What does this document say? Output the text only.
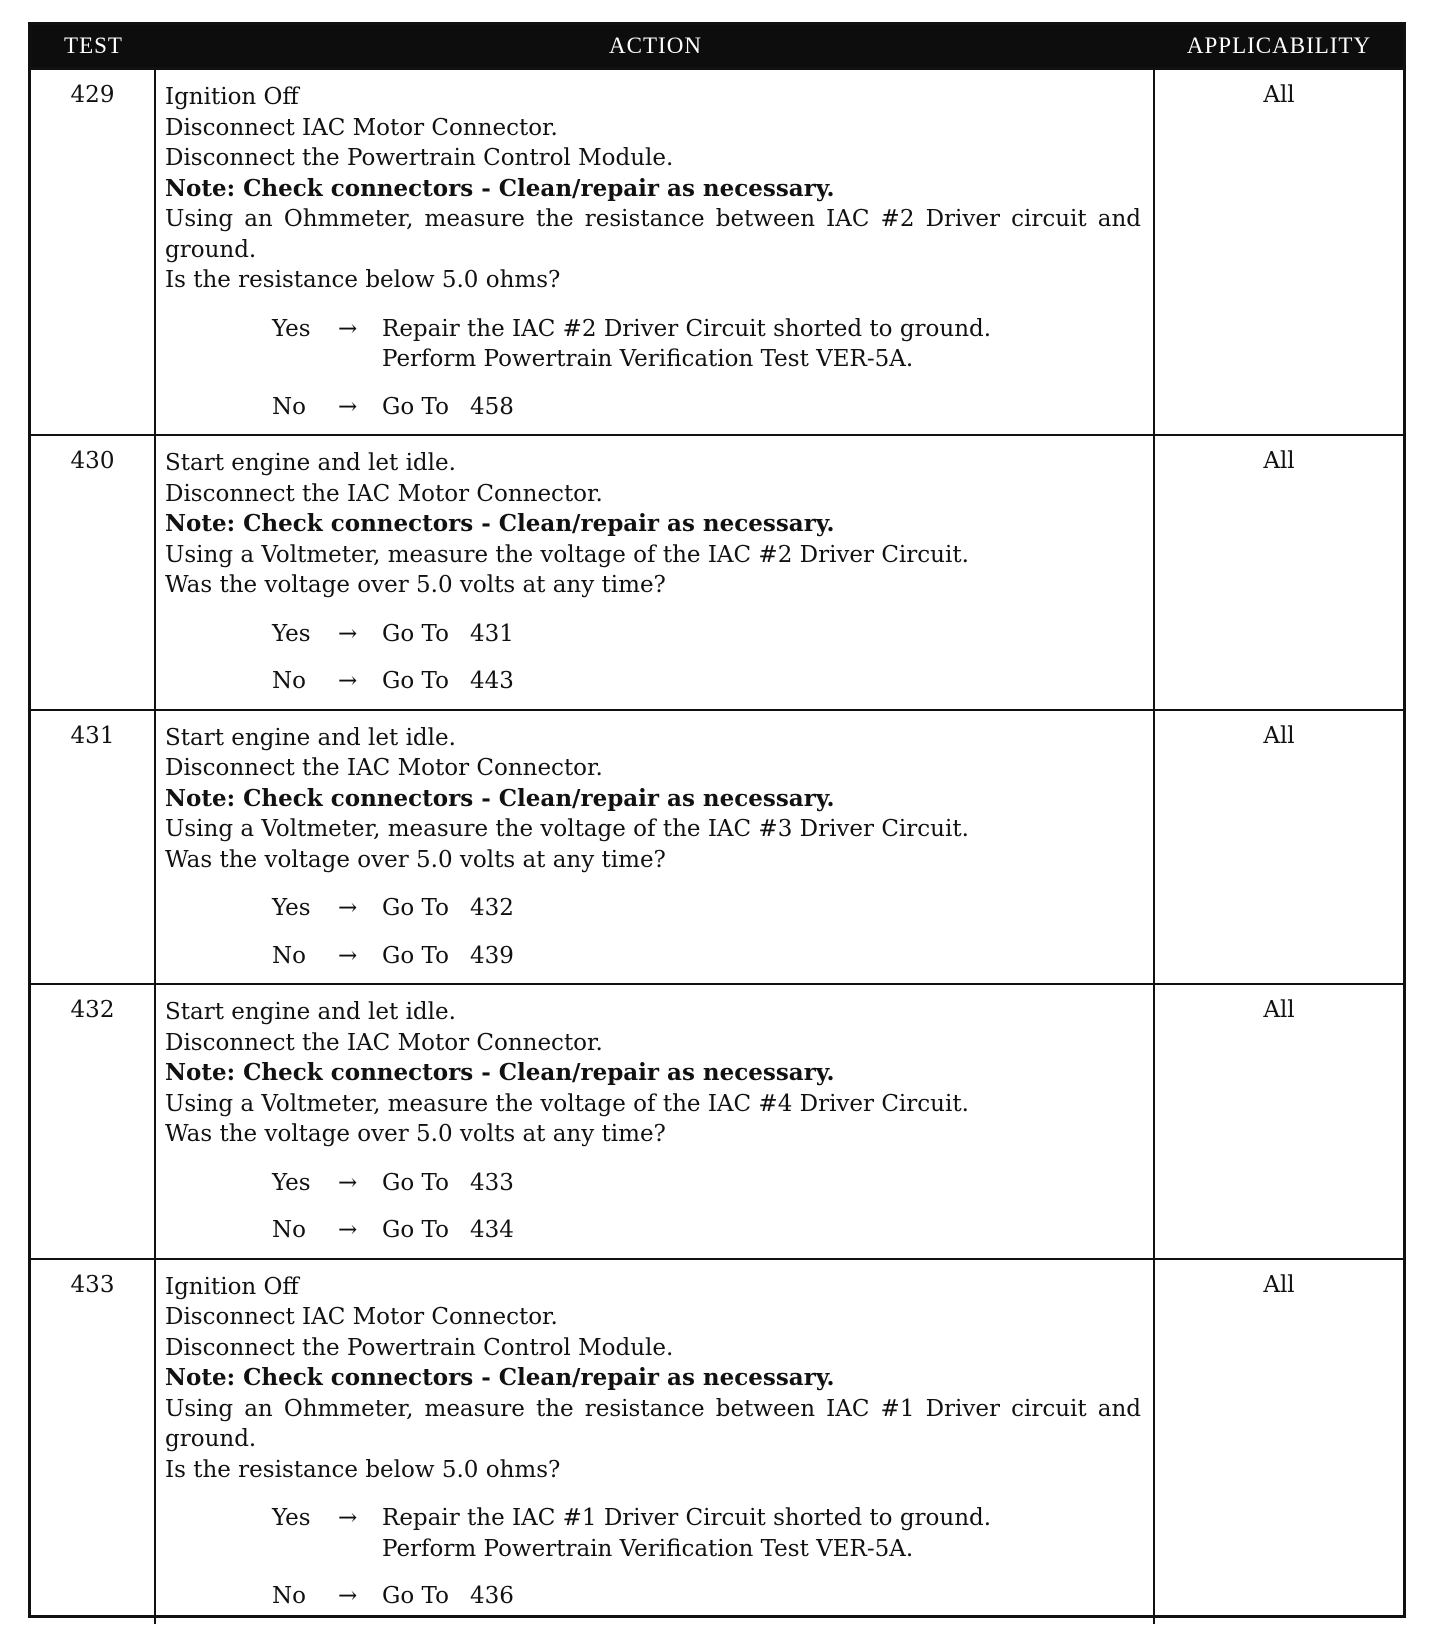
TEST	ACTION	APPLICABILITY
429	Ignition Off
Disconnect IAC Motor Connector.
Disconnect the Powertrain Control Module.
Note: Check connectors - Clean/repair as necessary.
Using an Ohmmeter, measure the resistance between IAC #2 Driver circuit and ground.
Is the resistance below 5.0 ohms?
Yes	→	Repair the IAC #2 Driver Circuit shorted to ground.
Perform Powertrain Verification Test VER-5A.
No	→	Go To 458
All
430	Start engine and let idle.
Disconnect the IAC Motor Connector.
Note: Check connectors - Clean/repair as necessary.
Using a Voltmeter, measure the voltage of the IAC #2 Driver Circuit.
Was the voltage over 5.0 volts at any time?
Yes	→	Go To 431
No	→	Go To 443
All
431	Start engine and let idle.
Disconnect the IAC Motor Connector.
Note: Check connectors - Clean/repair as necessary.
Using a Voltmeter, measure the voltage of the IAC #3 Driver Circuit.
Was the voltage over 5.0 volts at any time?
Yes	→	Go To 432
No	→	Go To 439
All
432	Start engine and let idle.
Disconnect the IAC Motor Connector.
Note: Check connectors - Clean/repair as necessary.
Using a Voltmeter, measure the voltage of the IAC #4 Driver Circuit.
Was the voltage over 5.0 volts at any time?
Yes	→	Go To 433
No	→	Go To 434
All
433	Ignition Off
Disconnect IAC Motor Connector.
Disconnect the Powertrain Control Module.
Note: Check connectors - Clean/repair as necessary.
Using an Ohmmeter, measure the resistance between IAC #1 Driver circuit and ground.
Is the resistance below 5.0 ohms?
Yes	→	Repair the IAC #1 Driver Circuit shorted to ground.
Perform Powertrain Verification Test VER-5A.
No	→	Go To 436
All
